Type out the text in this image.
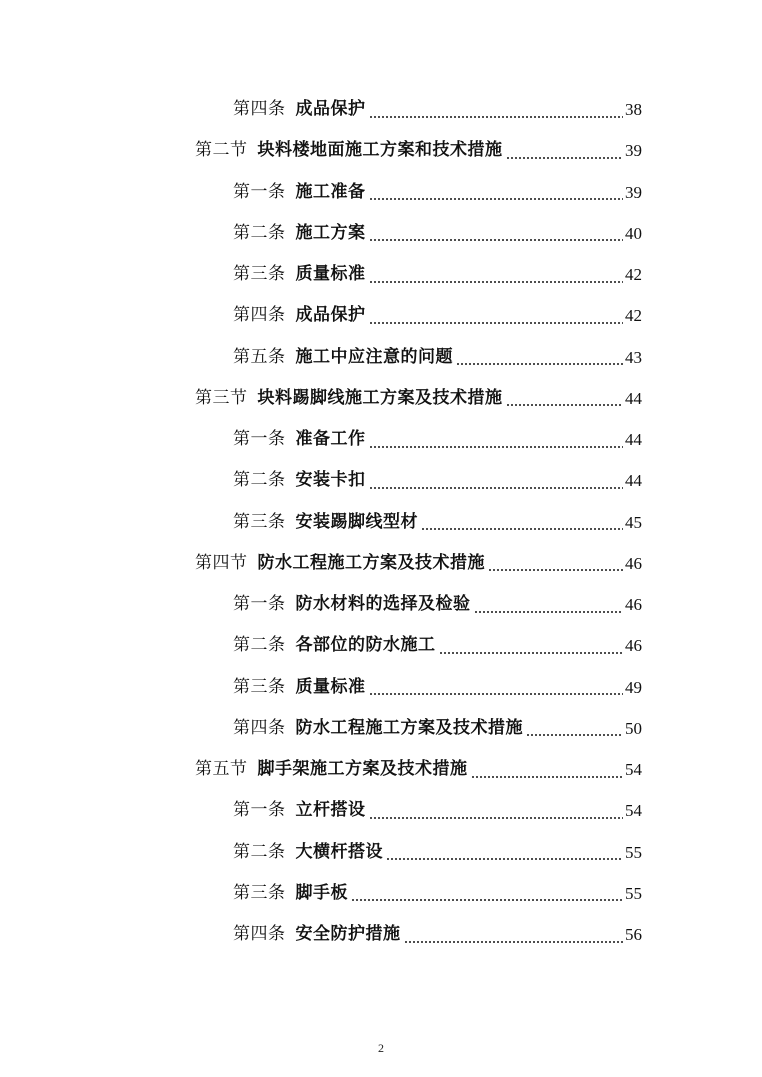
第四条 成品保护	38
第二节 块料楼地面施工方案和技术措施	39
第一条 施工准备	39
第二条 施工方案	40
第三条 质量标准	42
第四条 成品保护	42
第五条 施工中应注意的问题	43
第三节 块料踢脚线施工方案及技术措施	44
第一条 准备工作	44
第二条 安装卡扣	44
第三条 安装踢脚线型材	45
第四节 防水工程施工方案及技术措施	46
第一条 防水材料的选择及检验	46
第二条 各部位的防水施工	46
第三条 质量标准	49
第四条 防水工程施工方案及技术措施	50
第五节 脚手架施工方案及技术措施	54
第一条 立杆搭设	54
第二条 大横杆搭设	55
第三条 脚手板	55
第四条 安全防护措施	56
2
